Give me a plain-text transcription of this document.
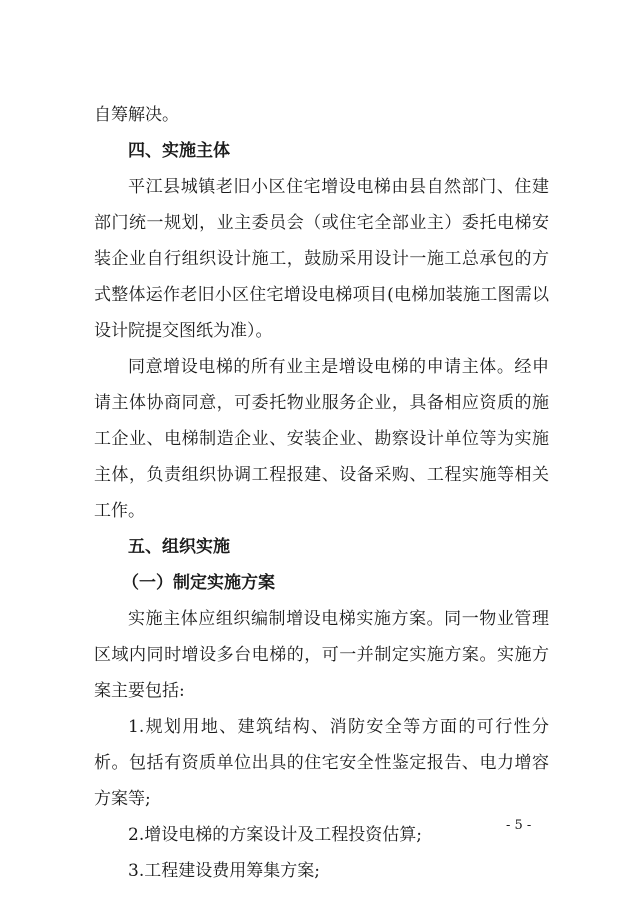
自筹解决。

四、实施主体

平江县城镇老旧小区住宅增设电梯由县自然部门、住建部门统一规划，业主委员会（或住宅全部业主）委托电梯安装企业自行组织设计施工，鼓励采用设计一施工总承包的方式整体运作老旧小区住宅增设电梯项目(电梯加装施工图需以设计院提交图纸为准）。

同意增设电梯的所有业主是增设电梯的申请主体。经申请主体协商同意，可委托物业服务企业，具备相应资质的施工企业、电梯制造企业、安装企业、勘察设计单位等为实施主体，负责组织协调工程报建、设备采购、工程实施等相关工作。

五、组织实施

（一）制定实施方案

实施主体应组织编制增设电梯实施方案。同一物业管理区域内同时增设多台电梯的，可一并制定实施方案。实施方案主要包括:

1.规划用地、建筑结构、消防安全等方面的可行性分析。包括有资质单位出具的住宅安全性鉴定报告、电力增容方案等;

2.增设电梯的方案设计及工程投资估算;

3.工程建设费用筹集方案;

- 5 -
